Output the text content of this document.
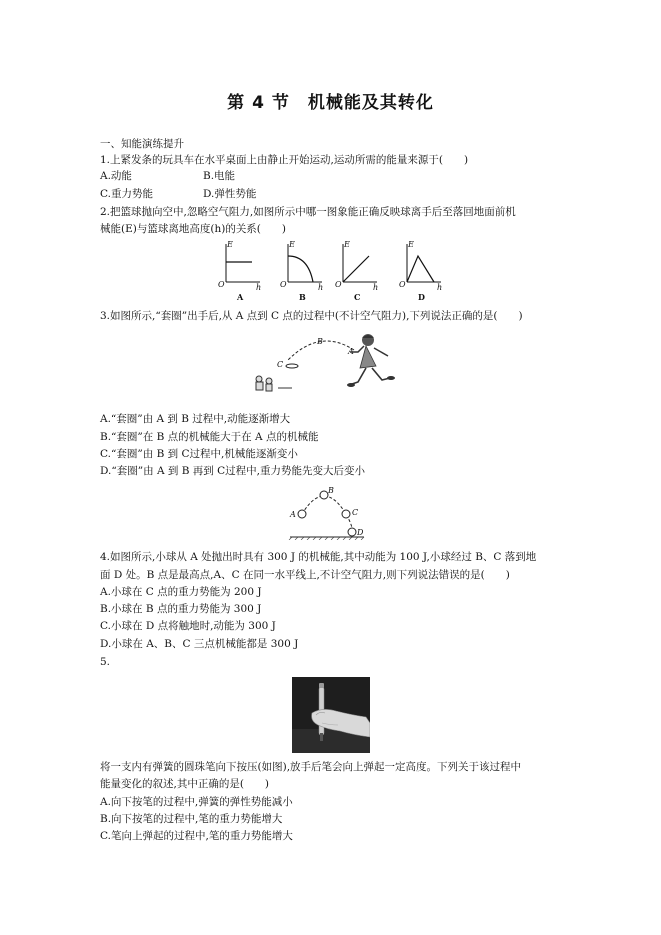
第 4 节　机械能及其转化
一、知能演练提升
1.上紧发条的玩具车在水平桌面上由静止开始运动,运动所需的能量来源于(　　)
A.动能	B.电能
C.重力势能	D.弹性势能
2.把篮球抛向空中,忽略空气阻力,如图所示中哪一图象能正确反映球离手后至落回地面前机
械能(E)与篮球离地高度(h)的关系(　　)
E
h
O
A
E
h
O
B
E
h
O
C
E
h
O
D
3.如图所示,“套圈”出手后,从 A 点到 C 点的过程中(不计空气阻力),下列说法正确的是(　　)
B
A
C
A.“套圈”由 A 到 B 过程中,动能逐渐增大
B.“套圈”在 B 点的机械能大于在 A 点的机械能
C.“套圈”由 B 到 C过程中,机械能逐渐变小
D.“套圈”由 A 到 B 再到 C过程中,重力势能先变大后变小
A
B
C
D
4.如图所示,小球从 A 处抛出时具有 300 J 的机械能,其中动能为 100 J,小球经过 B、C 落到地
面 D 处。B 点是最高点,A、C 在同一水平线上,不计空气阻力,则下列说法错误的是(　　)
A.小球在 C 点的重力势能为 200 J
B.小球在 B 点的重力势能为 300 J
C.小球在 D 点将触地时,动能为 300 J
D.小球在 A、B、C 三点机械能都是 300 J
5.
将一支内有弹簧的圆珠笔向下按压(如图),放手后笔会向上弹起一定高度。下列关于该过程中
能量变化的叙述,其中正确的是(　　)
A.向下按笔的过程中,弹簧的弹性势能减小
B.向下按笔的过程中,笔的重力势能增大
C.笔向上弹起的过程中,笔的重力势能增大
